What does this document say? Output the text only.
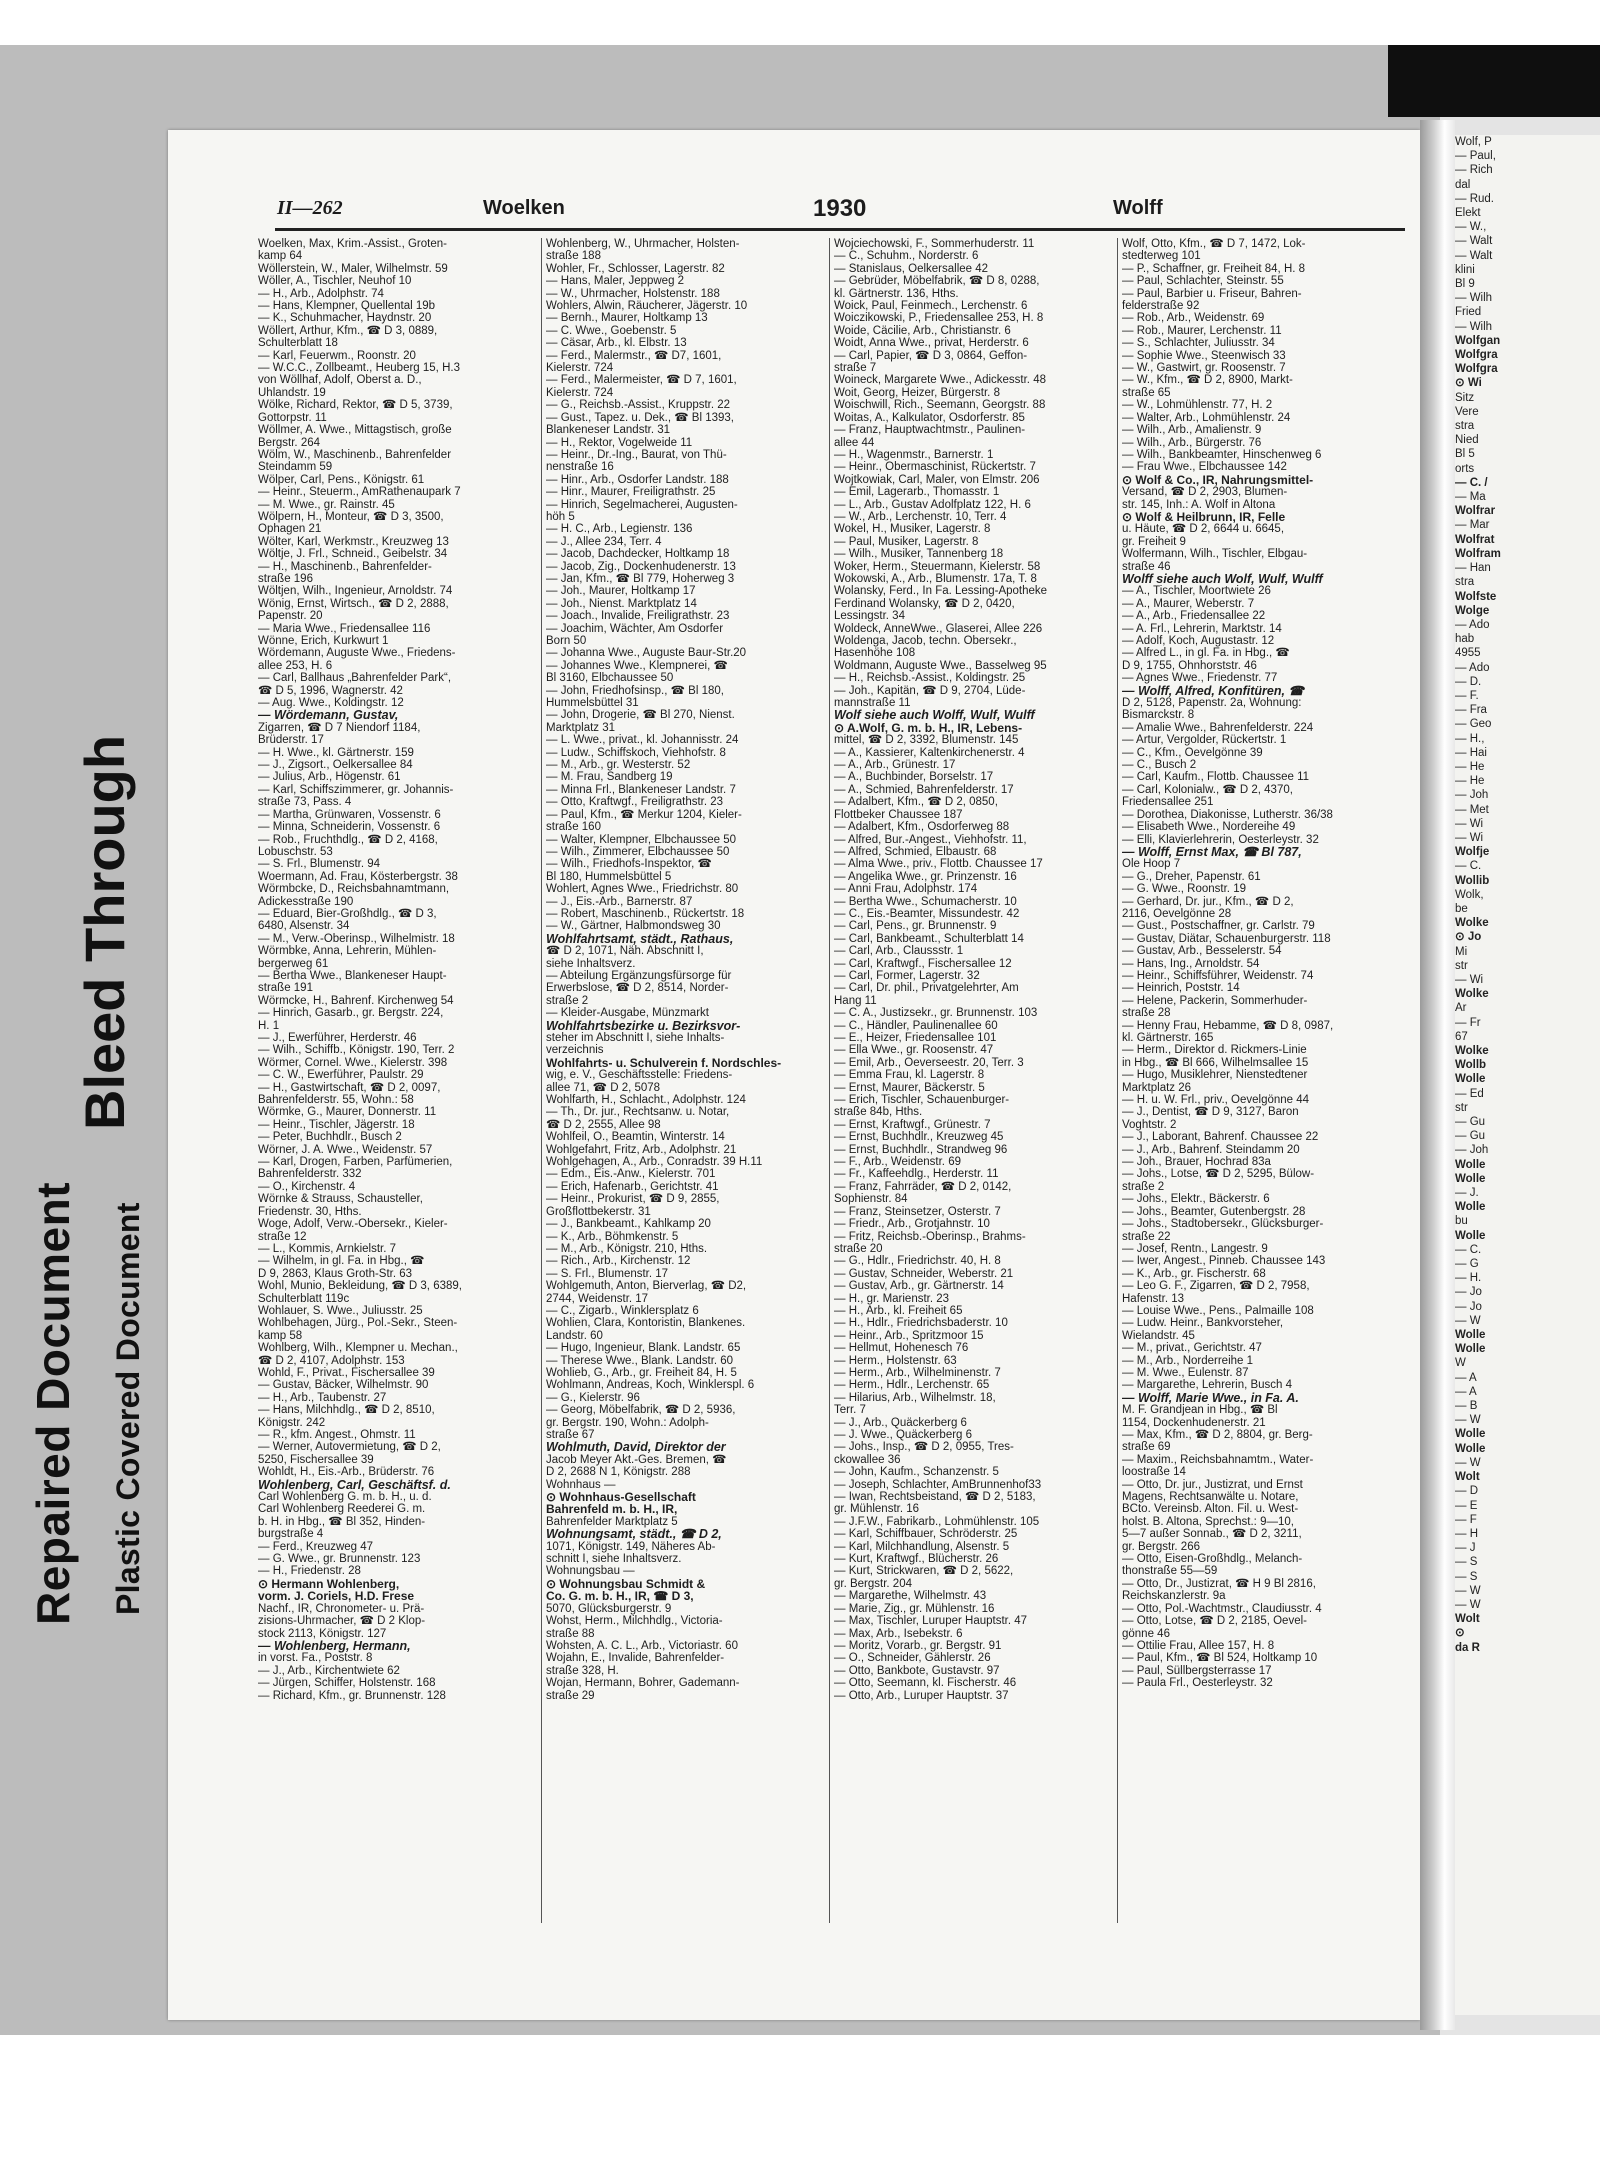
Repaired Document Plastic Covered Document
Bleed Through
Wolf, P
— Paul,
— Rich
dal
— Rud.
Elekt
— W.,
— Walt
— Walt
klini
Bl 9
— Wilh
Fried
— Wilh
Wolfgan
Wolfgra
Wolfgra
⊙ Wi
Sitz
Vere
stra
Nied
Bl 5
orts
— C. /
— Ma
Wolfrar
— Mar
Wolfrat
Wolfram
— Han
stra
Wolfste
Wolge
— Ado
hab
4955
— Ado
— D.
— F.
— Fra
— Geo
— H.,
— Hai
— He
— He
— Joh
— Met
— Wi
— Wi
Wolfje
— C.
Wollib
Wolk,
be
Wolke
⊙ Jo
Mi
str
— Wi
Wolke
Ar
— Fr
67
Wolke
Wollb
Wolle
— Ed
str
— Gu
— Gu
— Joh
Wolle
Wolle
— J.
Wolle
bu
Wolle
— C.
— G
— H.
— Jo
— Jo
— W
Wolle
Wolle
W
— A
— A
— B
— W
Wolle
Wolle
— W
Wolt
— D
— E
— F
— H
— J
— S
— S
— W
— W
Wolt
⊙
da R
II—262	Woelken	1930	Wolff
Woelken, Max, Krim.-Assist., Groten-
kamp 64
Wöllerstein, W., Maler, Wilhelmstr. 59
Wöller, A., Tischler, Neuhof 10
— H., Arb., Adolphstr. 74
— Hans, Klempner, Quellental 19b
— K., Schuhmacher, Haydnstr. 20
Wöllert, Arthur, Kfm., ☎ D 3, 0889,
Schulterblatt 18
— Karl, Feuerwm., Roonstr. 20
— W.C.C., Zollbeamt., Heuberg 15, H.3
von Wöllhaf, Adolf, Oberst a. D.,
Uhlandstr. 19
Wölke, Richard, Rektor, ☎ D 5, 3739,
Gottorpstr. 11
Wöllmer, A. Wwe., Mittagstisch, große
Bergstr. 264
Wölm, W., Maschinenb., Bahrenfelder
Steindamm 59
Wölper, Carl, Pens., Königstr. 61
— Heinr., Steuerm., AmRathenaupark 7
— M. Wwe., gr. Rainstr. 45
Wölpern, H., Monteur, ☎ D 3, 3500,
Ophagen 21
Wölter, Karl, Werkmstr., Kreuzweg 13
Wöltje, J. Frl., Schneid., Geibelstr. 34
— H., Maschinenb., Bahrenfelder-
straße 196
Wöltjen, Wilh., Ingenieur, Arnoldstr. 74
Wönig, Ernst, Wirtsch., ☎ D 2, 2888,
Papenstr. 20
— Maria Wwe., Friedensallee 116
Wönne, Erich, Kurkwurt 1
Wördemann, Auguste Wwe., Friedens-
allee 253, H. 6
— Carl, Ballhaus „Bahrenfelder Park“,
☎ D 5, 1996, Wagnerstr. 42
— Aug. Wwe., Koldingstr. 12
— Wördemann, Gustav,
Zigarren, ☎ D 7 Niendorf 1184,
Brüderstr. 17
— H. Wwe., kl. Gärtnerstr. 159
— J., Zigsort., Oelkersallee 84
— Julius, Arb., Högenstr. 61
— Karl, Schiffszimmerer, gr. Johannis-
straße 73, Pass. 4
— Martha, Grünwaren, Vossenstr. 6
— Minna, Schneiderin, Vossenstr. 6
— Rob., Fruchthdlg., ☎ D 2, 4168,
Lobuschstr. 53
— S. Frl., Blumenstr. 94
Woermann, Ad. Frau, Kösterbergstr. 38
Wörmbcke, D., Reichsbahnamtmann,
Adickesstraße 190
— Eduard, Bier-Großhdlg., ☎ D 3,
6480, Alsenstr. 34
— M., Verw.-Oberinsp., Wilhelmistr. 18
Wörmbke, Anna, Lehrerin, Mühlen-
bergerweg 61
— Bertha Wwe., Blankeneser Haupt-
straße 191
Wörmcke, H., Bahrenf. Kirchenweg 54
— Hinrich, Gasarb., gr. Bergstr. 224,
H. 1
— J., Ewerführer, Herderstr. 46
— Wilh., Schiffb., Königstr. 190, Terr. 2
Wörmer, Cornel. Wwe., Kielerstr. 398
— C. W., Ewerführer, Paulstr. 29
— H., Gastwirtschaft, ☎ D 2, 0097,
Bahrenfelderstr. 55, Wohn.: 58
Wörmke, G., Maurer, Donnerstr. 11
— Heinr., Tischler, Jägerstr. 18
— Peter, Buchhdlr., Busch 2
Wörner, J. A. Wwe., Weidenstr. 57
— Karl, Drogen, Farben, Parfümerien,
Bahrenfelderstr. 332
— O., Kirchenstr. 4
Wörnke & Strauss, Schausteller,
Friedenstr. 30, Hths.
Woge, Adolf, Verw.-Obersekr., Kieler-
straße 12
— L., Kommis, Arnkielstr. 7
— Wilhelm, in gl. Fa. in Hbg., ☎
D 9, 2863, Klaus Groth-Str. 63
Wohl, Munio, Bekleidung, ☎ D 3, 6389,
Schulterblatt 119c
Wohlauer, S. Wwe., Juliusstr. 25
Wohlbehagen, Jürg., Pol.-Sekr., Steen-
kamp 58
Wohlberg, Wilh., Klempner u. Mechan.,
☎ D 2, 4107, Adolphstr. 153
Wohld, F., Privat., Fischersallee 39
— Gustav, Bäcker, Wilhelmstr. 90
— H., Arb., Taubenstr. 27
— Hans, Milchhdlg., ☎ D 2, 8510,
Königstr. 242
— R., kfm. Angest., Ohmstr. 11
— Werner, Autovermietung, ☎ D 2,
5250, Fischersallee 39
Wohldt, H., Eis.-Arb., Brüderstr. 76
Wohlenberg, Carl, Geschäftsf. d.
Carl Wohlenberg G. m. b. H., u. d.
Carl Wohlenberg Reederei G. m.
b. H. in Hbg., ☎ Bl 352, Hinden-
burgstraße 4
— Ferd., Kreuzweg 47
— G. Wwe., gr. Brunnenstr. 123
— H., Friedenstr. 28
⊙ Hermann Wohlenberg,
vorm. J. Coriels, H.D. Frese
Nachf., IR, Chronometer- u. Prä-
zisions-Uhrmacher, ☎ D 2 Klop-
stock 2113, Königstr. 127
— Wohlenberg, Hermann,
in vorst. Fa., Poststr. 8
— J., Arb., Kirchentwiete 62
— Jürgen, Schiffer, Holstenstr. 168
— Richard, Kfm., gr. Brunnenstr. 128
Wohlenberg, W., Uhrmacher, Holsten-
straße 188
Wohler, Fr., Schlosser, Lagerstr. 82
— Hans, Maler, Jeppweg 2
— W., Uhrmacher, Holstenstr. 188
Wohlers, Alwin, Räucherer, Jägerstr. 10
— Bernh., Maurer, Holtkamp 13
— C. Wwe., Goebenstr. 5
— Cäsar, Arb., kl. Elbstr. 13
— Ferd., Malermstr., ☎ D7, 1601,
Kielerstr. 724
— Ferd., Malermeister, ☎ D 7, 1601,
Kielerstr. 724
— G., Reichsb.-Assist., Kruppstr. 22
— Gust., Tapez. u. Dek., ☎ Bl 1393,
Blankeneser Landstr. 31
— H., Rektor, Vogelweide 11
— Heinr., Dr.-Ing., Baurat, von Thü-
nenstraße 16
— Hinr., Arb., Osdorfer Landstr. 188
— Hinr., Maurer, Freiligrathstr. 25
— Hinrich, Segelmacherei, Augusten-
höh 5
— H. C., Arb., Legienstr. 136
— J., Allee 234, Terr. 4
— Jacob, Dachdecker, Holtkamp 18
— Jacob, Zig., Dockenhudenerstr. 13
— Jan, Kfm., ☎ Bl 779, Hoherweg 3
— Joh., Maurer, Holtkamp 17
— Joh., Nienst. Marktplatz 14
— Joach., Invalide, Freiligrathstr. 23
— Joachim, Wächter, Am Osdorfer
Born 50
— Johanna Wwe., Auguste Baur-Str.20
— Johannes Wwe., Klempnerei, ☎
Bl 3160, Elbchaussee 50
— John, Friedhofsinsp., ☎ Bl 180,
Hummelsbüttel 31
— John, Drogerie, ☎ Bl 270, Nienst.
Marktplatz 31
— L. Wwe., privat., kl. Johannisstr. 24
— Ludw., Schiffskoch, Viehhofstr. 8
— M., Arb., gr. Westerstr. 52
— M. Frau, Sandberg 19
— Minna Frl., Blankeneser Landstr. 7
— Otto, Kraftwgf., Freiligrathstr. 23
— Paul, Kfm., ☎ Merkur 1204, Kieler-
straße 160
— Walter, Klempner, Elbchaussee 50
— Wilh., Zimmerer, Elbchaussee 50
— Wilh., Friedhofs-Inspektor, ☎
Bl 180, Hummelsbüttel 5
Wohlert, Agnes Wwe., Friedrichstr. 80
— J., Eis.-Arb., Barnerstr. 87
— Robert, Maschinenb., Rückertstr. 18
— W., Gärtner, Halbmondsweg 30
Wohlfahrtsamt, städt., Rathaus,
☎ D 2, 1071, Näh. Abschnitt I,
siehe Inhaltsverz.
— Abteilung Ergänzungsfürsorge für
Erwerbslose, ☎ D 2, 8514, Norder-
straße 2
— Kleider-Ausgabe, Münzmarkt
Wohlfahrtsbezirke u. Bezirksvor-
steher im Abschnitt I, siehe Inhalts-
verzeichnis
Wohlfahrts- u. Schulverein f. Nordschles-
wig, e. V., Geschäftsstelle: Friedens-
allee 71, ☎ D 2, 5078
Wohlfarth, H., Schlacht., Adolphstr. 124
— Th., Dr. jur., Rechtsanw. u. Notar,
☎ D 2, 2555, Allee 98
Wohlfeil, O., Beamtin, Winterstr. 14
Wohlgefahrt, Fritz, Arb., Adolphstr. 21
Wohlgehagen, A., Arb., Conradstr. 39 H.11
— Edm., Eis.-Anw., Kielerstr. 701
— Erich, Hafenarb., Gerichtstr. 41
— Heinr., Prokurist, ☎ D 9, 2855,
Großflottbekerstr. 31
— J., Bankbeamt., Kahlkamp 20
— K., Arb., Böhmkenstr. 5
— M., Arb., Königstr. 210, Hths.
— Rich., Arb., Kirchenstr. 12
— S. Frl., Blumenstr. 17
Wohlgemuth, Anton, Bierverlag, ☎ D2,
2744, Weidenstr. 17
— C., Zigarb., Winklersplatz 6
Wohlien, Clara, Kontoristin, Blankenes.
Landstr. 60
— Hugo, Ingenieur, Blank. Landstr. 65
— Therese Wwe., Blank. Landstr. 60
Wohlieb, G., Arb., gr. Freiheit 84, H. 5
Wohlmann, Andreas, Koch, Winklerspl. 6
— G., Kielerstr. 96
— Georg, Möbelfabrik, ☎ D 2, 5936,
gr. Bergstr. 190, Wohn.: Adolph-
straße 67
Wohlmuth, David, Direktor der
Jacob Meyer Akt.-Ges. Bremen, ☎
D 2, 2688 N 1, Königstr. 288
Wohnhaus —
⊙ Wohnhaus-Gesellschaft
Bahrenfeld m. b. H., IR,
Bahrenfelder Marktplatz 5
Wohnungsamt, städt., ☎ D 2,
1071, Königstr. 149, Näheres Ab-
schnitt I, siehe Inhaltsverz.
Wohnungsbau —
⊙ Wohnungsbau Schmidt &
Co. G. m. b. H., IR, ☎ D 3,
5070, Glücksburgerstr. 9
Wohst, Herm., Milchhdlg., Victoria-
straße 88
Wohsten, A. C. L., Arb., Victoriastr. 60
Wojahn, E., Invalide, Bahrenfelder-
straße 328, H.
Wojan, Hermann, Bohrer, Gademann-
straße 29
Wojciechowski, F., Sommerhuderstr. 11
— C., Schuhm., Norderstr. 6
— Stanislaus, Oelkersallee 42
— Gebrüder, Möbelfabrik, ☎ D 8, 0288,
kl. Gärtnerstr. 136, Hths.
Woick, Paul, Feinmech., Lerchenstr. 6
Woiczikowski, P., Friedensallee 253, H. 8
Woide, Cäcilie, Arb., Christianstr. 6
Woidt, Anna Wwe., privat, Herderstr. 6
— Carl, Papier, ☎ D 3, 0864, Geffon-
straße 7
Woineck, Margarete Wwe., Adickesstr. 48
Woit, Georg, Heizer, Bürgerstr. 8
Woischwill, Rich., Seemann, Georgstr. 88
Woitas, A., Kalkulator, Osdorferstr. 85
— Franz, Hauptwachtmstr., Paulinen-
allee 44
— H., Wagenmstr., Barnerstr. 1
— Heinr., Obermaschinist, Rückertstr. 7
Wojtkowiak, Carl, Maler, von Elmstr. 206
— Emil, Lagerarb., Thomasstr. 1
— L., Arb., Gustav Adolfplatz 122, H. 6
— W., Arb., Lerchenstr. 10, Terr. 4
Wokel, H., Musiker, Lagerstr. 8
— Paul, Musiker, Lagerstr. 8
— Wilh., Musiker, Tannenberg 18
Woker, Herm., Steuermann, Kielerstr. 58
Wokowski, A., Arb., Blumenstr. 17a, T. 8
Wolansky, Ferd., In Fa. Lessing-Apotheke
Ferdinand Wolansky, ☎ D 2, 0420,
Lessingstr. 34
Woldeck, AnneWwe., Glaserei, Allee 226
Woldenga, Jacob, techn. Obersekr.,
Hasenhöhe 108
Woldmann, Auguste Wwe., Basselweg 95
— H., Reichsb.-Assist., Koldingstr. 25
— Joh., Kapitän, ☎ D 9, 2704, Lüde-
mannstraße 11
Wolf siehe auch Wolff, Wulf, Wulff
⊙ A.Wolf, G. m. b. H., IR, Lebens-
mittel, ☎ D 2, 3392, Blumenstr. 145
— A., Kassierer, Kaltenkirchenerstr. 4
— A., Arb., Grünestr. 17
— A., Buchbinder, Borselstr. 17
— A., Schmied, Bahrenfelderstr. 17
— Adalbert, Kfm., ☎ D 2, 0850,
Flottbeker Chaussee 187
— Adalbert, Kfm., Osdorferweg 88
— Alfred, Bur.-Angest., Viehhofstr. 11,
— Alfred, Schmied, Elbaustr. 68
— Alma Wwe., priv., Flottb. Chaussee 17
— Angelika Wwe., gr. Prinzenstr. 16
— Anni Frau, Adolphstr. 174
— Bertha Wwe., Schumacherstr. 10
— C., Eis.-Beamter, Missundestr. 42
— Carl, Pens., gr. Brunnenstr. 9
— Carl, Bankbeamt., Schulterblatt 14
— Carl, Arb., Claussstr. 1
— Carl, Kraftwgf., Fischersallee 12
— Carl, Former, Lagerstr. 32
— Carl, Dr. phil., Privatgelehrter, Am
Hang 11
— C. A., Justizsekr., gr. Brunnenstr. 103
— C., Händler, Paulinenallee 60
— E., Heizer, Friedensallee 101
— Ella Wwe., gr. Roosenstr. 47
— Emil, Arb., Oeverseestr. 20, Terr. 3
— Emma Frau, kl. Lagerstr. 8
— Ernst, Maurer, Bäckerstr. 5
— Erich, Tischler, Schauenburger-
straße 84b, Hths.
— Ernst, Kraftwgf., Grünestr. 7
— Ernst, Buchhdlr., Kreuzweg 45
— Ernst, Buchhdlr., Strandweg 96
— F., Arb., Weidenstr. 69
— Fr., Kaffeehdlg., Herderstr. 11
— Franz, Fahrräder, ☎ D 2, 0142,
Sophienstr. 84
— Franz, Steinsetzer, Osterstr. 7
— Friedr., Arb., Grotjahnstr. 10
— Fritz, Reichsb.-Oberinsp., Brahms-
straße 20
— G., Hdlr., Friedrichstr. 40, H. 8
— Gustav, Schneider, Weberstr. 21
— Gustav, Arb., gr. Gärtnerstr. 14
— H., gr. Marienstr. 23
— H., Arb., kl. Freiheit 65
— H., Hdlr., Friedrichsbaderstr. 10
— Heinr., Arb., Spritzmoor 15
— Hellmut, Hohenesch 76
— Herm., Holstenstr. 63
— Herm., Arb., Wilhelminenstr. 7
— Herm., Hdlr., Lerchenstr. 65
— Hilarius, Arb., Wilhelmstr. 18,
Terr. 7
— J., Arb., Quäckerberg 6
— J. Wwe., Quäckerberg 6
— Johs., Insp., ☎ D 2, 0955, Tres-
ckowallee 36
— John, Kaufm., Schanzenstr. 5
— Joseph, Schlachter, AmBrunnenhof33
— Iwan, Rechtsbeistand, ☎ D 2, 5183,
gr. Mühlenstr. 16
— J.F.W., Fabrikarb., Lohmühlenstr. 105
— Karl, Schiffbauer, Schröderstr. 25
— Karl, Milchhandlung, Alsenstr. 5
— Kurt, Kraftwgf., Blücherstr. 26
— Kurt, Strickwaren, ☎ D 2, 5622,
gr. Bergstr. 204
— Margarethe, Wilhelmstr. 43
— Marie, Zig., gr. Mühlenstr. 16
— Max, Tischler, Luruper Hauptstr. 47
— Max, Arb., Isebekstr. 6
— Moritz, Vorarb., gr. Bergstr. 91
— O., Schneider, Gählerstr. 26
— Otto, Bankbote, Gustavstr. 97
— Otto, Seemann, kl. Fischerstr. 46
— Otto, Arb., Luruper Hauptstr. 37
Wolf, Otto, Kfm., ☎ D 7, 1472, Lok-
stedterweg 101
— P., Schaffner, gr. Freiheit 84, H. 8
— Paul, Schlachter, Steinstr. 55
— Paul, Barbier u. Friseur, Bahren-
felderstraße 92
— Rob., Arb., Weidenstr. 69
— Rob., Maurer, Lerchenstr. 11
— S., Schlachter, Juliusstr. 34
— Sophie Wwe., Steenwisch 33
— W., Gastwirt, gr. Roosenstr. 7
— W., Kfm., ☎ D 2, 8900, Markt-
straße 65
— W., Lohmühlenstr. 77, H. 2
— Walter, Arb., Lohmühlenstr. 24
— Wilh., Arb., Amalienstr. 9
— Wilh., Arb., Bürgerstr. 76
— Wilh., Bankbeamter, Hinschenweg 6
— Frau Wwe., Elbchaussee 142
⊙ Wolf & Co., IR, Nahrungsmittel-
Versand, ☎ D 2, 2903, Blumen-
str. 145, Inh.: A. Wolf in Altona
⊙ Wolf & Heilbrunn, IR, Felle
u. Häute, ☎ D 2, 6644 u. 6645,
gr. Freiheit 9
Wolfermann, Wilh., Tischler, Elbgau-
straße 46
Wolff siehe auch Wolf, Wulf, Wulff
— A., Tischler, Moortwiete 26
— A., Maurer, Weberstr. 7
— A., Arb., Friedensallee 22
— A. Frl., Lehrerin, Marktstr. 14
— Adolf, Koch, Augustastr. 12
— Alfred L., in gl. Fa. in Hbg., ☎
D 9, 1755, Ohnhorststr. 46
— Agnes Wwe., Friedenstr. 77
— Wolff, Alfred, Konfitüren, ☎
D 2, 5128, Papenstr. 2a, Wohnung:
Bismarckstr. 8
— Amalie Wwe., Bahrenfelderstr. 224
— Artur, Vergolder, Rückertstr. 1
— C., Kfm., Oevelgönne 39
— C., Busch 2
— Carl, Kaufm., Flottb. Chaussee 11
— Carl, Kolonialw., ☎ D 2, 4370,
Friedensallee 251
— Dorothea, Diakonisse, Lutherstr. 36/38
— Elisabeth Wwe., Nordereihe 49
— Elli, Klavierlehrerin, Oesterleystr. 32
— Wolff, Ernst Max, ☎ Bl 787,
Ole Hoop 7
— G., Dreher, Papenstr. 61
— G. Wwe., Roonstr. 19
— Gerhard, Dr. jur., Kfm., ☎ D 2,
2116, Oevelgönne 28
— Gust., Postschaffner, gr. Carlstr. 79
— Gustav, Diätar, Schauenburgerstr. 118
— Gustav, Arb., Besselerstr. 54
— Hans, Ing., Arnoldstr. 54
— Heinr., Schiffsführer, Weidenstr. 74
— Heinrich, Poststr. 14
— Helene, Packerin, Sommerhuder-
straße 28
— Henny Frau, Hebamme, ☎ D 8, 0987,
kl. Gärtnerstr. 165
— Herm., Direktor d. Rickmers-Linie
in Hbg., ☎ Bl 666, Wilhelmsallee 15
— Hugo, Musiklehrer, Nienstedtener
Marktplatz 26
— H. u. W. Frl., priv., Oevelgönne 44
— J., Dentist, ☎ D 9, 3127, Baron
Voghtstr. 2
— J., Laborant, Bahrenf. Chaussee 22
— J., Arb., Bahrenf. Steindamm 20
— Joh., Brauer, Hochrad 83a
— Johs., Lotse, ☎ D 2, 5295, Bülow-
straße 2
— Johs., Elektr., Bäckerstr. 6
— Johs., Beamter, Gutenbergstr. 28
— Johs., Stadtobersekr., Glücksburger-
straße 22
— Josef, Rentn., Langestr. 9
— Iwer, Angest., Pinneb. Chaussee 143
— K., Arb., gr. Fischerstr. 68
— Leo G. F., Zigarren, ☎ D 2, 7958,
Hafenstr. 13
— Louise Wwe., Pens., Palmaille 108
— Ludw. Heinr., Bankvorsteher,
Wielandstr. 45
— M., privat., Gerichtstr. 47
— M., Arb., Norderreihe 1
— M. Wwe., Eulenstr. 87
— Margarethe, Lehrerin, Busch 4
— Wolff, Marie Wwe., in Fa. A.
M. F. Grandjean in Hbg., ☎ Bl
1154, Dockenhudenerstr. 21
— Max, Kfm., ☎ D 2, 8804, gr. Berg-
straße 69
— Maxim., Reichsbahnamtm., Water-
loostraße 14
— Otto, Dr. jur., Justizrat, und Ernst
Magens, Rechtsanwälte u. Notare,
BCto. Vereinsb. Alton. Fil. u. West-
holst. B. Altona, Sprechst.: 9—10,
5—7 außer Sonnab., ☎ D 2, 3211,
gr. Bergstr. 266
— Otto, Eisen-Großhdlg., Melanch-
thonstraße 55—59
— Otto, Dr., Justizrat, ☎ H 9 Bl 2816,
Reichskanzlerstr. 9a
— Otto, Pol.-Wachtmstr., Claudiusstr. 4
— Otto, Lotse, ☎ D 2, 2185, Oevel-
gönne 46
— Ottilie Frau, Allee 157, H. 8
— Paul, Kfm., ☎ Bl 524, Holtkamp 10
— Paul, Süllbergsterrasse 17
— Paula Frl., Oesterleystr. 32
